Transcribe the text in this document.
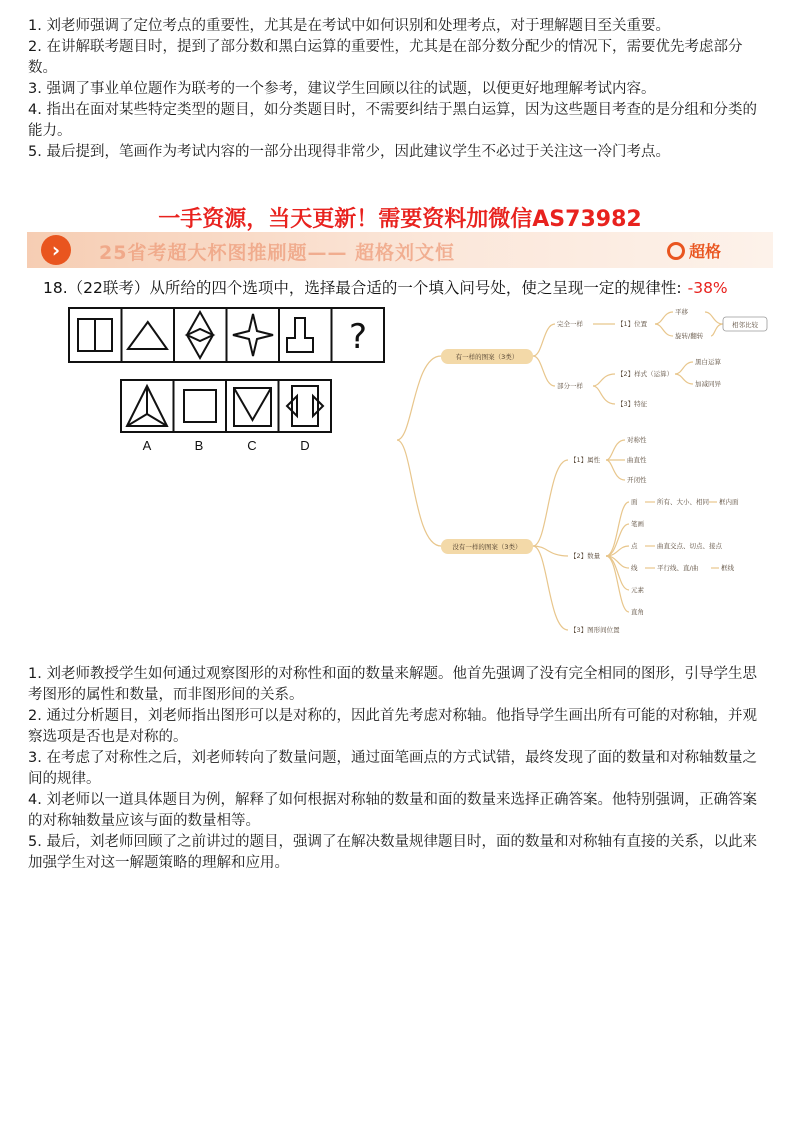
1. 刘老师强调了定位考点的重要性，尤其是在考试中如何识别和处理考点，对于理解题目至关重要。

2. 在讲解联考题目时，提到了部分数和黑白运算的重要性，尤其是在部分数分配少的情况下，需要优先考虑部分数。

3. 强调了事业单位题作为联考的一个参考，建议学生回顾以往的试题，以便更好地理解考试内容。

4. 指出在面对某些特定类型的题目，如分类题目时，不需要纠结于黑白运算，因为这些题目考查的是分组和分类的能力。

5. 最后提到，笔画作为考试内容的一部分出现得非常少，因此建议学生不必过于关注这一冷门考点。

一手资源，当天更新！需要资料加微信AS73982
›	25省考超大杯图推刷题—— 超格刘文恒	超格
18.（22联考）从所给的四个选项中，选择最合适的一个填入问号处，使之呈现一定的规律性: -38%
?
A	B	C	D
有一样的图案（3类）
没有一样的图案（3类）
完全一样	【1】位置
平移
旋转/翻转
相邻比较
部分一样
【2】样式（运算）
黑白运算
加减同异
【3】特征
【1】属性
对称性
曲直性
开闭性
【2】数量
面	所有、大小、相同 框内面
笔画
点	曲直交点、切点、接点
线	平行线、直/曲	框线
元素
直角
【3】图形间位置

1. 刘老师教授学生如何通过观察图形的对称性和面的数量来解题。他首先强调了没有完全相同的图形，引导学生思考图形的属性和数量，而非图形间的关系。

2. 通过分析题目，刘老师指出图形可以是对称的，因此首先考虑对称轴。他指导学生画出所有可能的对称轴，并观察选项是否也是对称的。

3. 在考虑了对称性之后，刘老师转向了数量问题，通过面笔画点的方式试错，最终发现了面的数量和对称轴数量之间的规律。

4. 刘老师以一道具体题目为例，解释了如何根据对称轴的数量和面的数量来选择正确答案。他特别强调，正确答案的对称轴数量应该与面的数量相等。

5. 最后，刘老师回顾了之前讲过的题目，强调了在解决数量规律题目时，面的数量和对称轴有直接的关系，以此来加强学生对这一解题策略的理解和应用。
